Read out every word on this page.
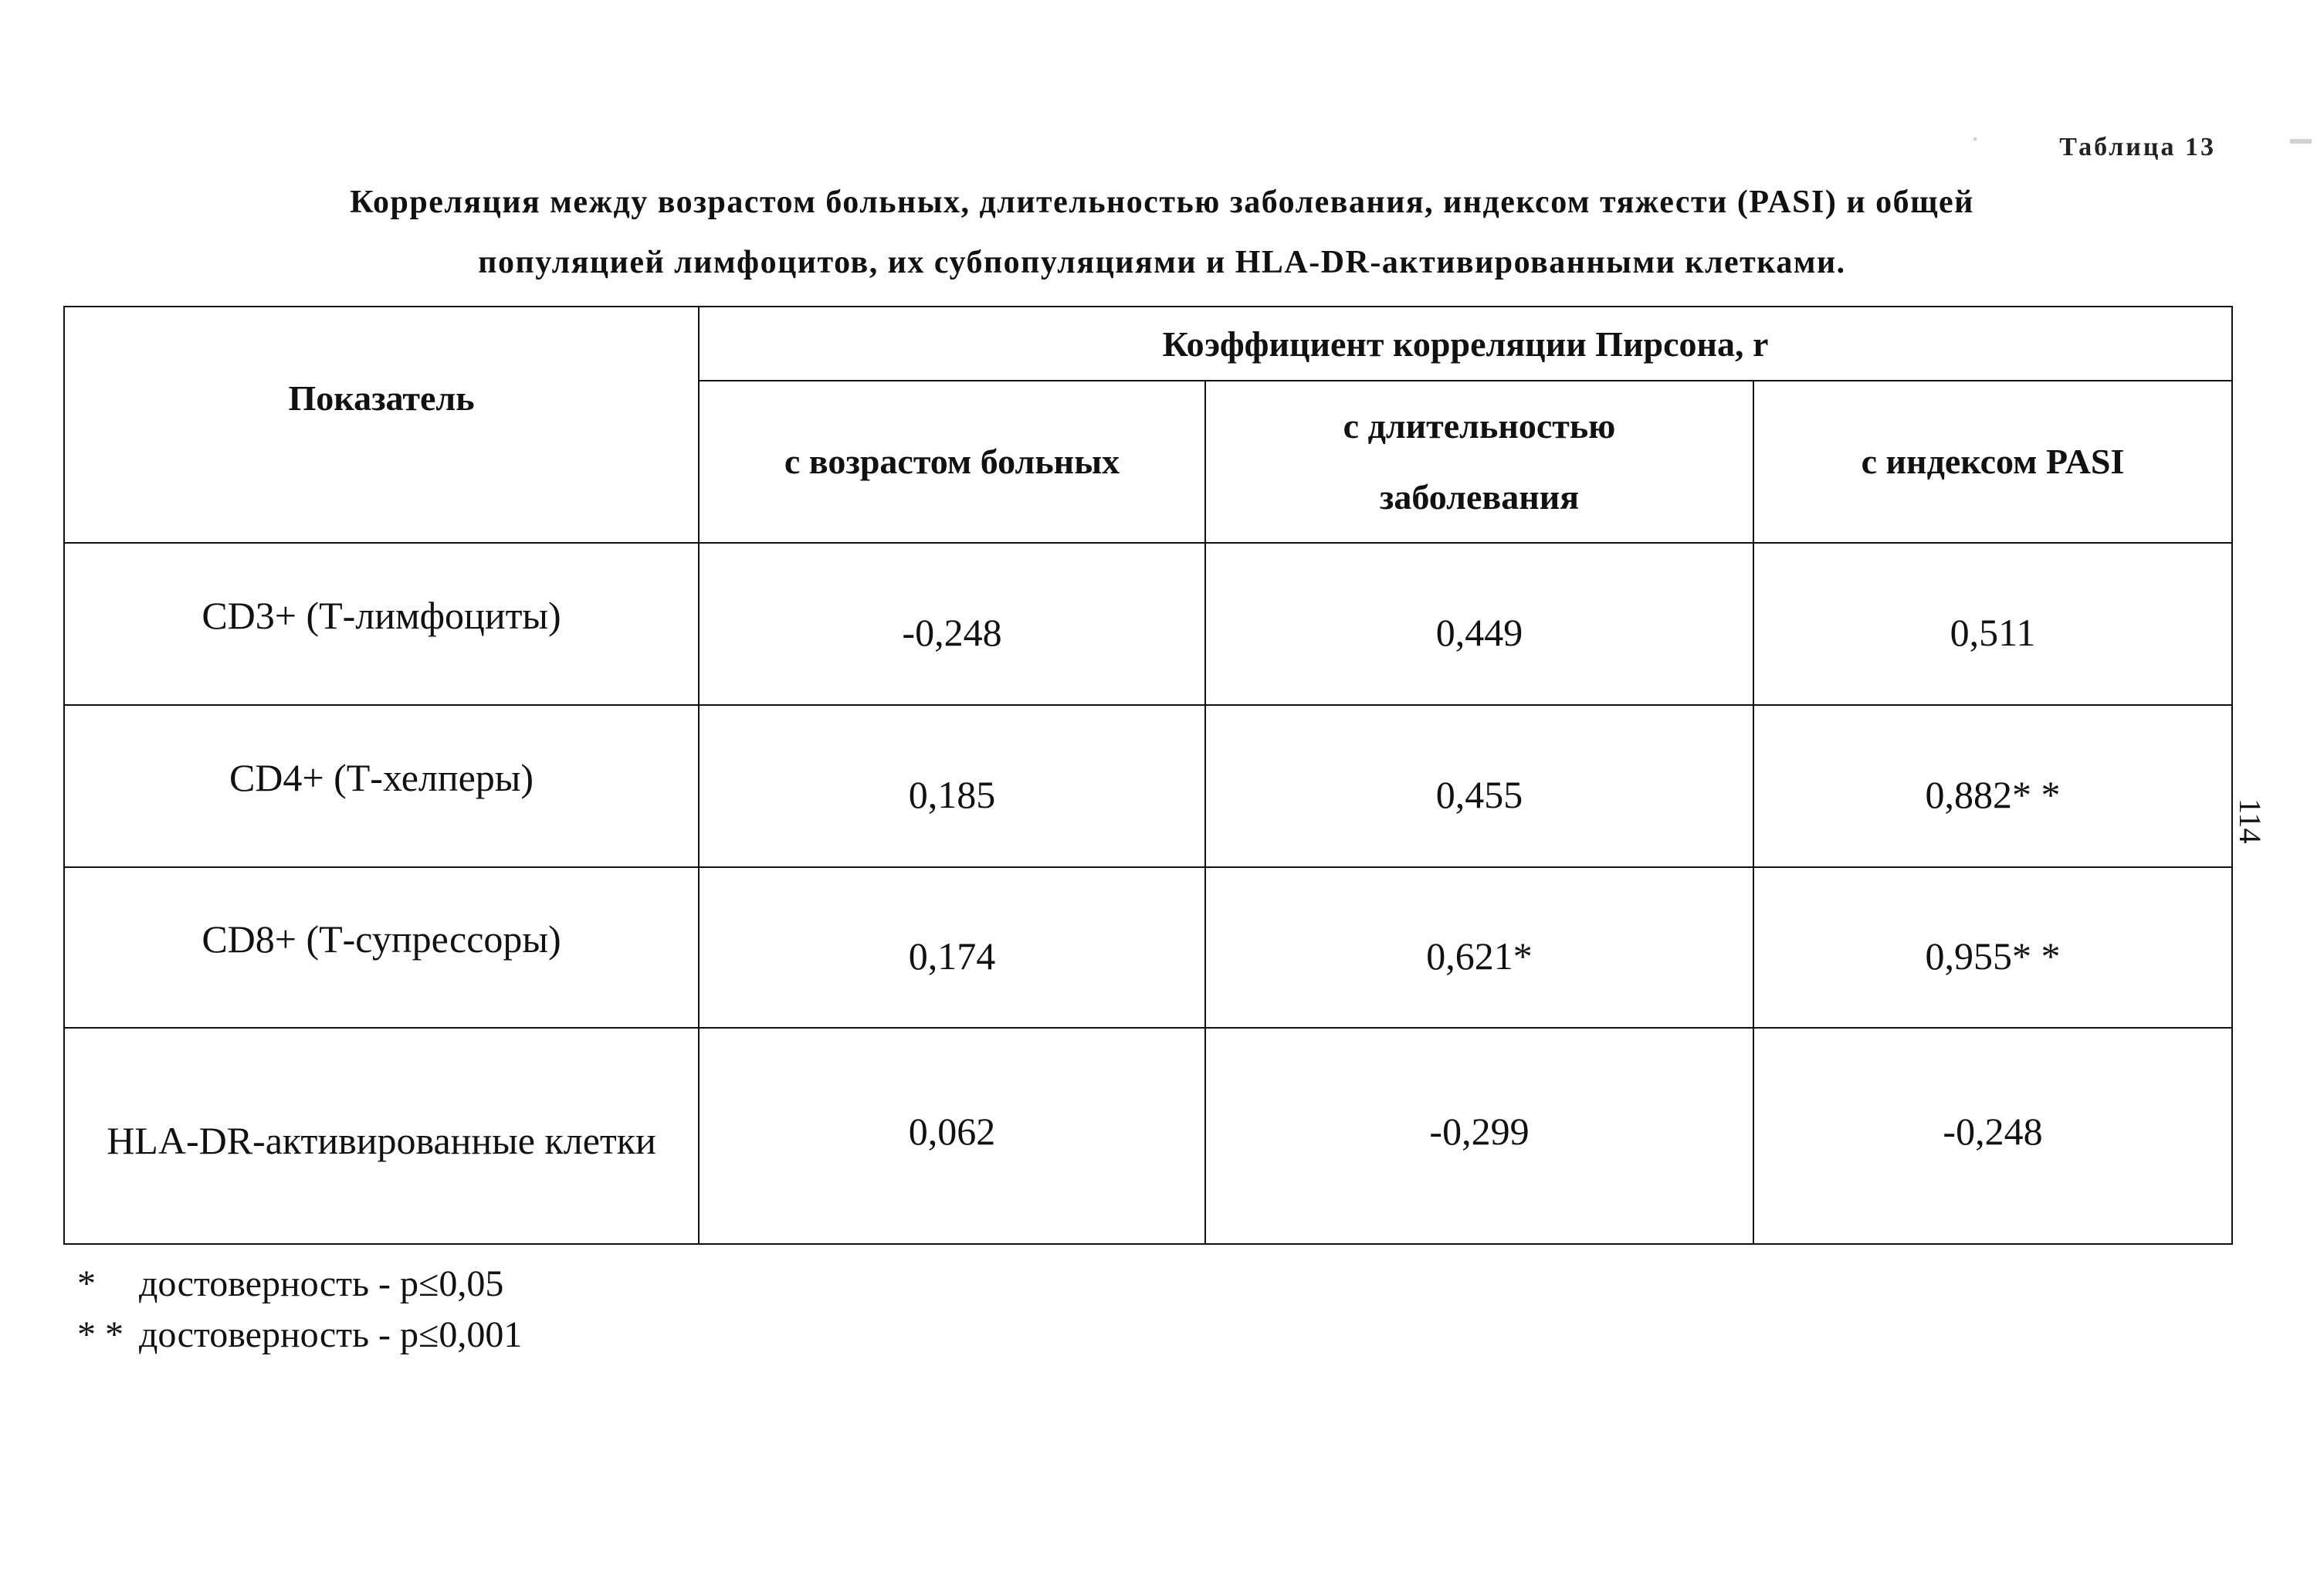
Таблица 13
Корреляция между возрастом больных, длительностью заболевания, индексом тяжести (PASI) и общей
популяцией лимфоцитов, их субпопуляциями и HLA-DR-активированными клетками.
Показатель	Коэффициент корреляции Пирсона, r		
	с возрастом больных	с длительностью заболевания	с индексом PASI
CD3+ (Т-лимфоциты)	-0,248	0,449	0,511
CD4+ (Т-хелперы)	0,185	0,455	0,882* *
CD8+ (Т-супрессоры)	0,174	0,621*	0,955* *
HLA-DR-активированные клетки	0,062	-0,299	-0,248
*	достоверность - p≤0,05
* * достоверность - p≤0,001
114
